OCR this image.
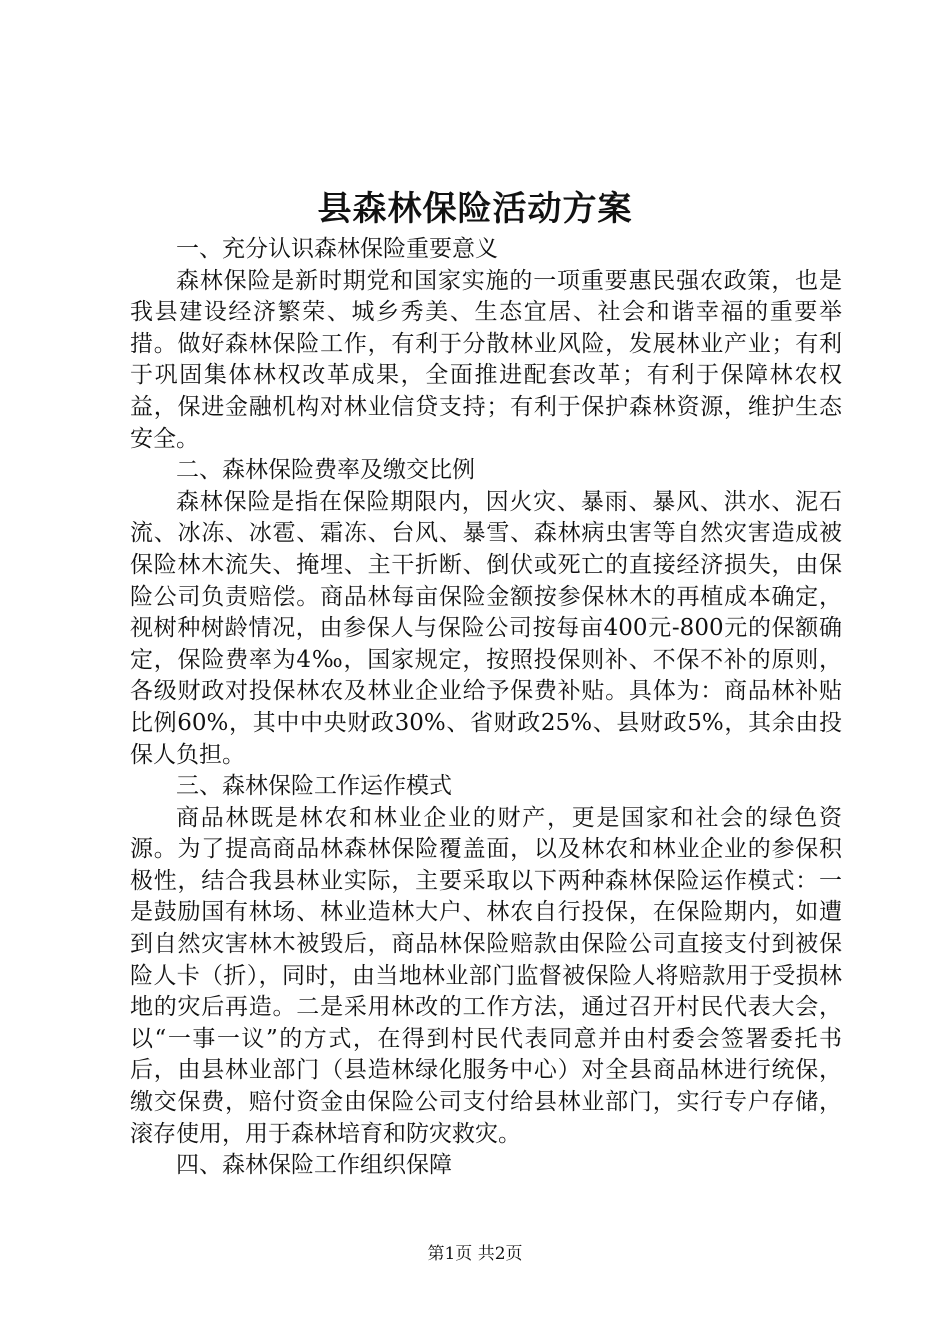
县森林保险活动方案

一、充分认识森林保险重要意义

森林保险是新时期党和国家实施的一项重要惠民强农政策，也是我县建设经济繁荣、城乡秀美、生态宜居、社会和谐幸福的重要举措。做好森林保险工作，有利于分散林业风险，发展林业产业；有利于巩固集体林权改革成果，全面推进配套改革；有利于保障林农权益，保进金融机构对林业信贷支持；有利于保护森林资源，维护生态安全。

二、森林保险费率及缴交比例

森林保险是指在保险期限内，因火灾、暴雨、暴风、洪水、泥石流、冰冻、冰雹、霜冻、台风、暴雪、森林病虫害等自然灾害造成被保险林木流失、掩埋、主干折断、倒伏或死亡的直接经济损失，由保险公司负责赔偿。商品林每亩保险金额按参保林木的再植成本确定，视树种树龄情况，由参保人与保险公司按每亩400元-800元的保额确定，保险费率为4‰，国家规定，按照投保则补、不保不补的原则，各级财政对投保林农及林业企业给予保费补贴。具体为：商品林补贴比例60%，其中中央财政30%、省财政25%、县财政5%，其余由投保人负担。

三、森林保险工作运作模式

商品林既是林农和林业企业的财产，更是国家和社会的绿色资源。为了提高商品林森林保险覆盖面，以及林农和林业企业的参保积极性，结合我县林业实际，主要采取以下两种森林保险运作模式：一是鼓励国有林场、林业造林大户、林农自行投保，在保险期内，如遭到自然灾害林木被毁后，商品林保险赔款由保险公司直接支付到被保险人卡（折），同时，由当地林业部门监督被保险人将赔款用于受损林地的灾后再造。二是采用林改的工作方法，通过召开村民代表大会，以“一事一议”的方式，在得到村民代表同意并由村委会签署委托书后，由县林业部门（县造林绿化服务中心）对全县商品林进行统保，缴交保费，赔付资金由保险公司支付给县林业部门，实行专户存储，滚存使用，用于森林培育和防灾救灾。

四、森林保险工作组织保障

第1页 共2页
